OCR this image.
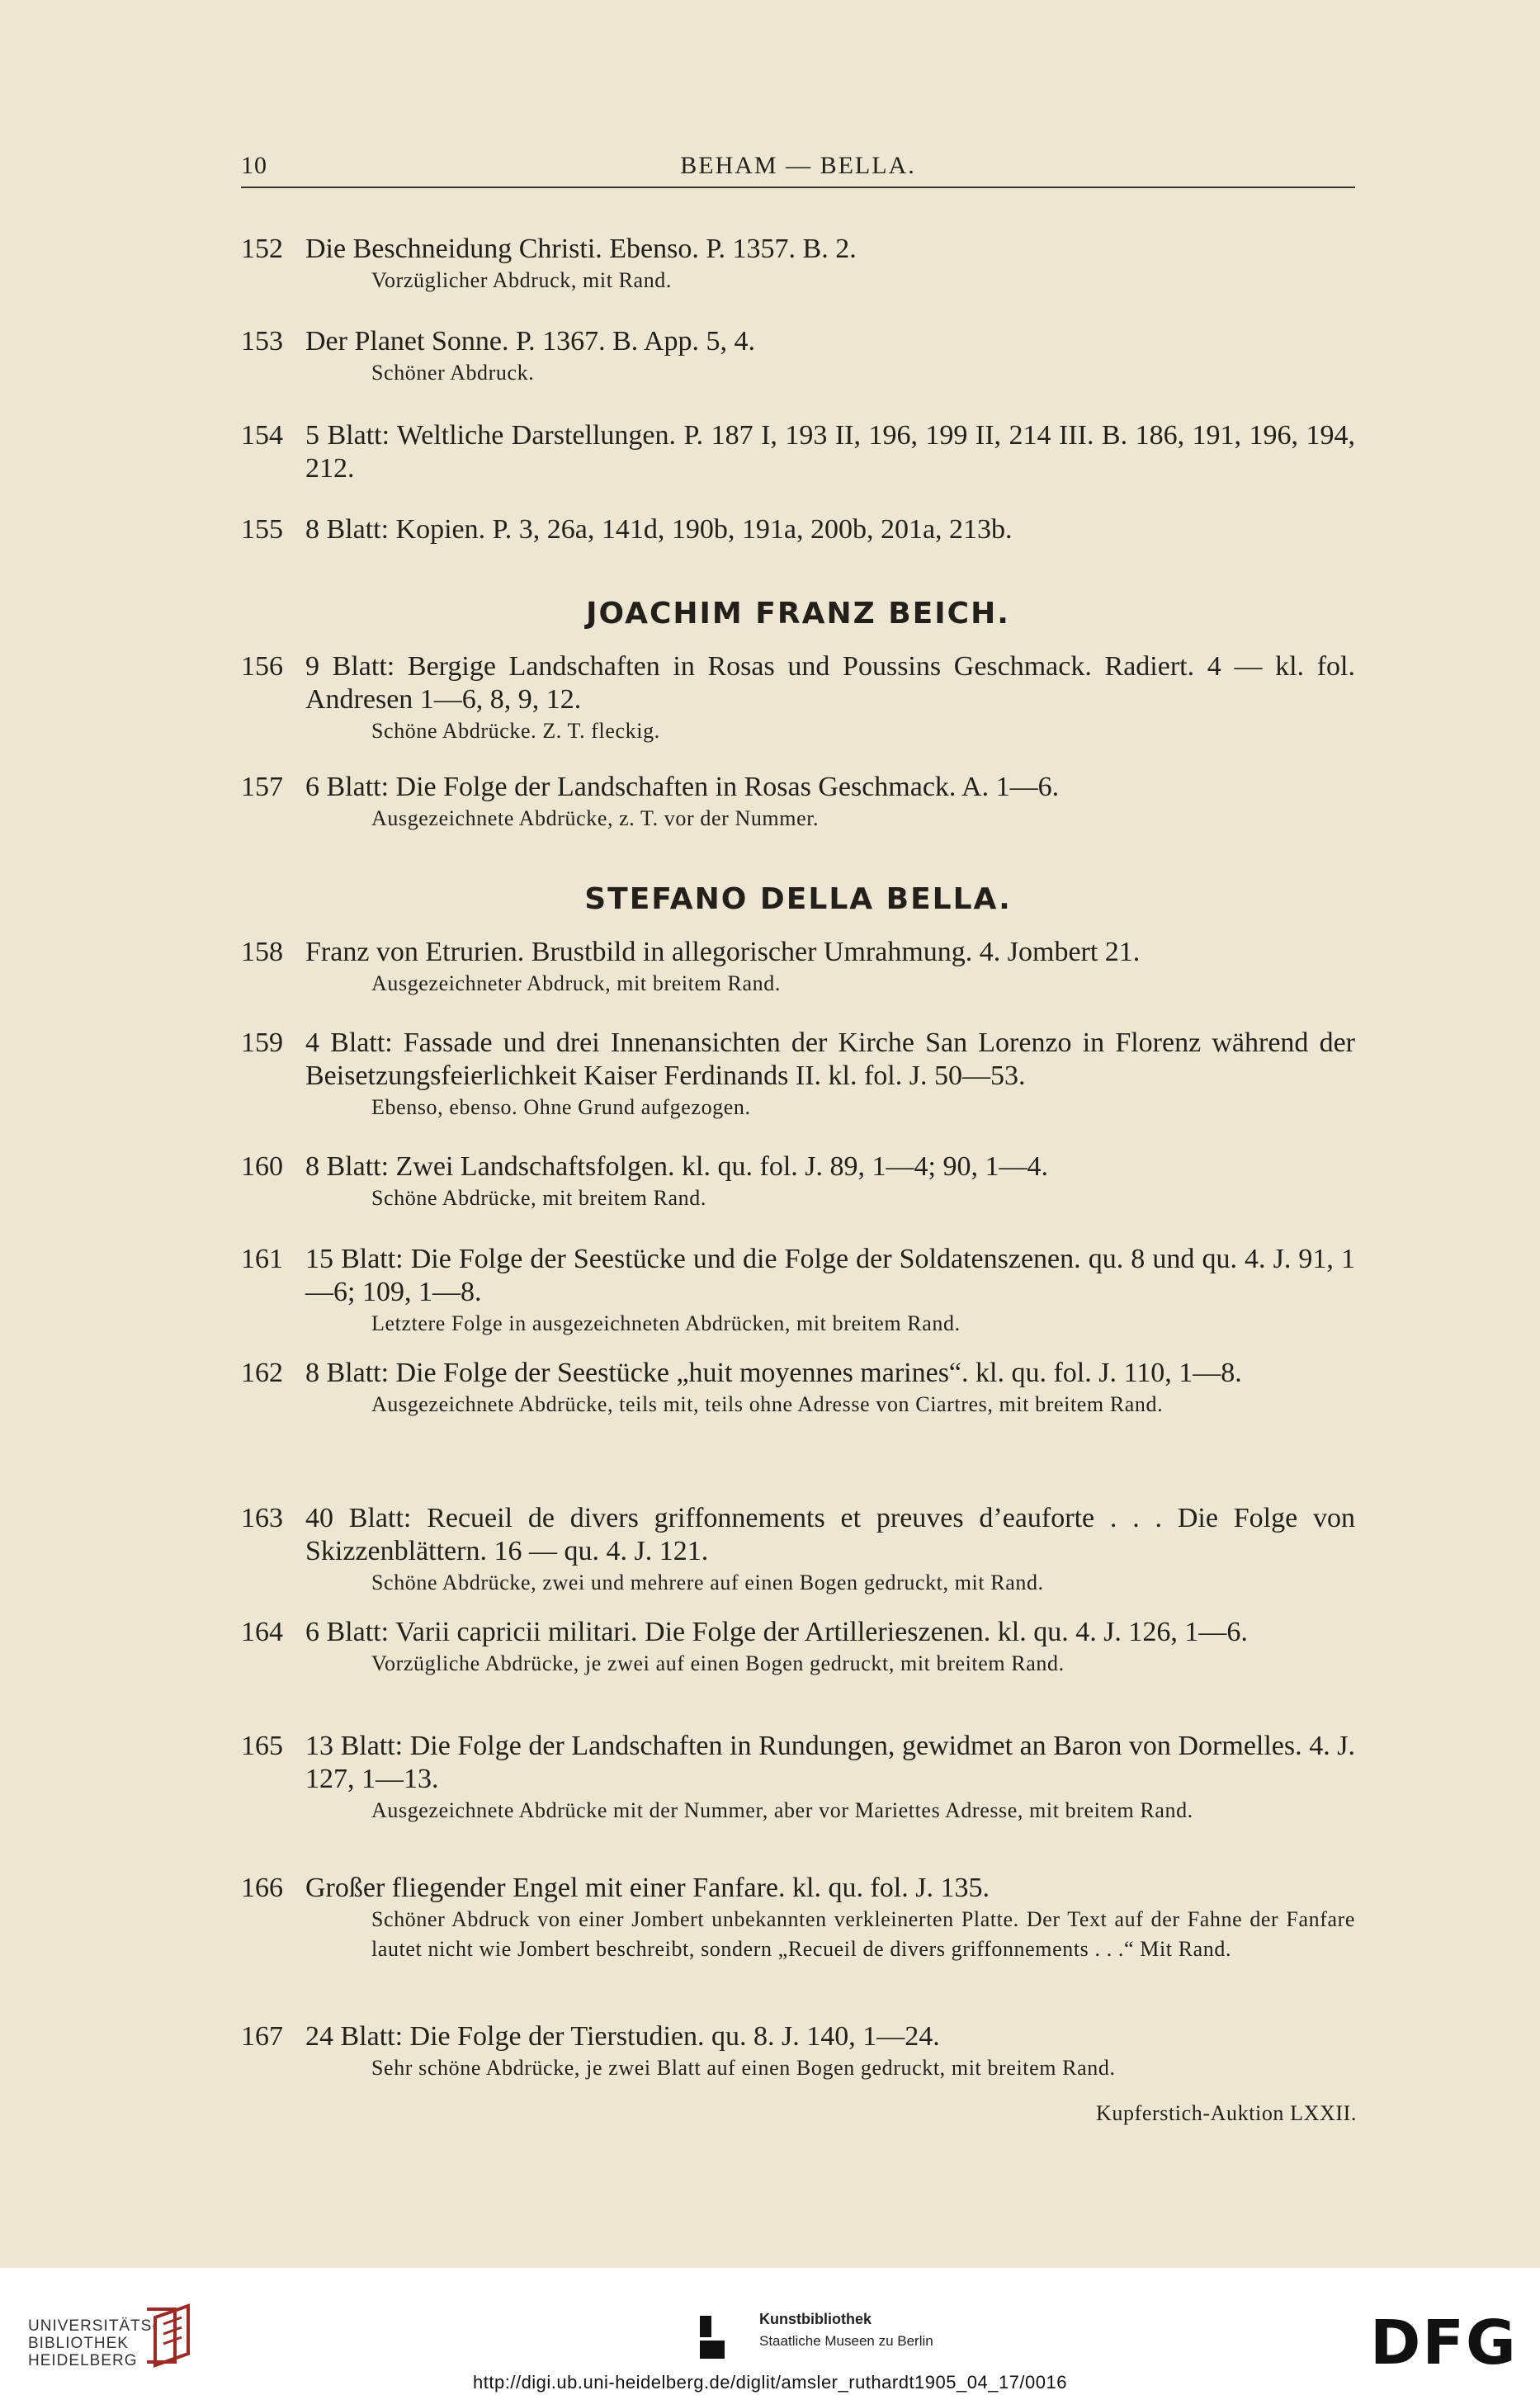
10	BEHAM — BELLA.
152 Die Beschneidung Christi. Ebenso. P. 1357. B. 2.
Vorzüglicher Abdruck, mit Rand.
153 Der Planet Sonne. P. 1367. B. App. 5, 4.
Schöner Abdruck.
154 5 Blatt: Weltliche Darstellungen. P. 187 I, 193 II, 196, 199 II, 214 III. B. 186, 191, 196, 194, 212.
155 8 Blatt: Kopien. P. 3, 26a, 141d, 190b, 191a, 200b, 201a, 213b.
JOACHIM FRANZ BEICH.
156 9 Blatt: Bergige Landschaften in Rosas und Poussins Geschmack. Radiert. 4 — kl. fol. Andresen 1—6, 8, 9, 12.
Schöne Abdrücke. Z. T. fleckig.
157 6 Blatt: Die Folge der Landschaften in Rosas Geschmack. A. 1—6.
Ausgezeichnete Abdrücke, z. T. vor der Nummer.
STEFANO DELLA BELLA.
158 Franz von Etrurien. Brustbild in allegorischer Umrahmung. 4. Jombert 21.
Ausgezeichneter Abdruck, mit breitem Rand.
159 4 Blatt: Fassade und drei Innenansichten der Kirche San Lorenzo in Florenz während der Beisetzungsfeierlichkeit Kaiser Ferdinands II. kl. fol. J. 50—53.
Ebenso, ebenso. Ohne Grund aufgezogen.
160 8 Blatt: Zwei Landschaftsfolgen. kl. qu. fol. J. 89, 1—4; 90, 1—4.
Schöne Abdrücke, mit breitem Rand.
161 15 Blatt: Die Folge der Seestücke und die Folge der Soldatenszenen. qu. 8 und qu. 4. J. 91, 1—6; 109, 1—8.
Letztere Folge in ausgezeichneten Abdrücken, mit breitem Rand.
162 8 Blatt: Die Folge der Seestücke „huit moyennes marines“. kl. qu. fol. J. 110, 1—8.
Ausgezeichnete Abdrücke, teils mit, teils ohne Adresse von Ciartres, mit breitem Rand.
163 40 Blatt: Recueil de divers griffonnements et preuves d’eauforte . . . Die Folge von Skizzenblättern. 16 — qu. 4. J. 121.
Schöne Abdrücke, zwei und mehrere auf einen Bogen gedruckt, mit Rand.
164 6 Blatt: Varii capricii militari. Die Folge der Artillerieszenen. kl. qu. 4. J. 126, 1—6.
Vorzügliche Abdrücke, je zwei auf einen Bogen gedruckt, mit breitem Rand.
165 13 Blatt: Die Folge der Landschaften in Rundungen, gewidmet an Baron von Dormelles. 4. J. 127, 1—13.
Ausgezeichnete Abdrücke mit der Nummer, aber vor Mariettes Adresse, mit breitem Rand.
166 Großer fliegender Engel mit einer Fanfare. kl. qu. fol. J. 135.
Schöner Abdruck von einer Jombert unbekannten verkleinerten Platte. Der Text auf der Fahne der Fanfare lautet nicht wie Jombert beschreibt, sondern „Recueil de divers griffonnements . . .“ Mit Rand.
167 24 Blatt: Die Folge der Tierstudien. qu. 8. J. 140, 1—24.
Sehr schöne Abdrücke, je zwei Blatt auf einen Bogen gedruckt, mit breitem Rand.
Kupferstich-Auktion LXXII.
UNIVERSITÄTS-
BIBLIOTHEK
HEIDELBERG
Kunstbibliothek
Staatliche Museen zu Berlin	DFG
http://digi.ub.uni-heidelberg.de/diglit/amsler_ruthardt1905_04_17/0016
